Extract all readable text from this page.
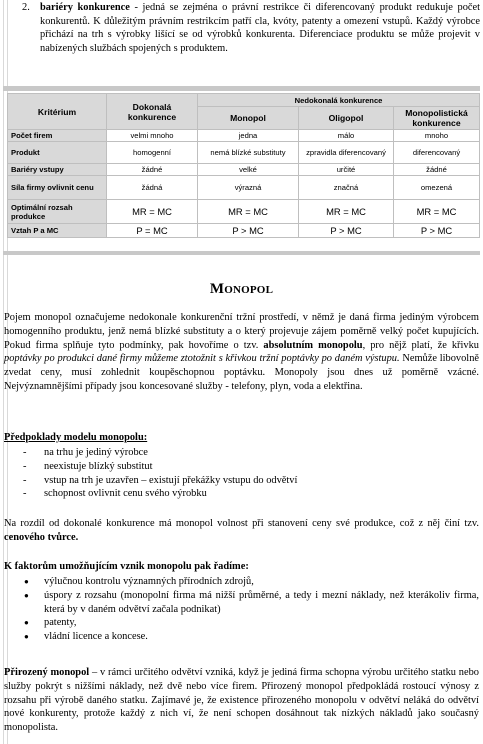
2. bariéry konkurence - jedná se zejména o právní restrikce či diferencovaný produkt redukuje počet konkurentů. K důležitým právním restrikcím patří cla, kvóty, patenty a omezení vstupů. Každý výrobce přichází na trh s výrobky lišící se od výrobků konkurenta. Diferenciace produktu se může projevit v nabízených službách spojených s produktem.
Kritérium	Dokonalá konkurence	Nedokonalá konkurence		
		Monopol	Oligopol	Monopolistická konkurence
Počet firem	velmi mnoho	jedna	málo	mnoho
Produkt	homogenní	nemá blízké substituty	zpravidla diferencovaný	diferencovaný
Bariéry vstupy	žádné	velké	určité	žádné
Síla firmy ovlivnit cenu	žádná	výrazná	značná	omezená
Optimální rozsah produkce	MR = MC	MR = MC	MR = MC	MR = MC
Vztah P a MC	P = MC	P > MC	P > MC	P > MC
Monopol
Pojem monopol označujeme nedokonale konkurenční tržní prostředí, v němž je daná firma jediným výrobcem homogenního produktu, jenž nemá blízké substituty a o který projevuje zájem poměrně velký počet kupujících. Pokud firma splňuje tyto podmínky, pak hovoříme o tzv. absolutním monopolu, pro nějž platí, že křivku poptávky po produkci dané firmy můžeme ztotožnit s křivkou tržní poptávky po daném výstupu. Nemůže libovolně zvedat ceny, musí zohlednit koupěschopnou poptávku. Monopoly jsou dnes už poměrně vzácné. Nejvýznamnějšími případy jsou koncesované služby - telefony, plyn, voda a elektřina.
Předpoklady modelu monopolu:
- na trhu je jediný výrobce
- neexistuje blízký substitut
- vstup na trh je uzavřen – existují překážky vstupu do odvětví
- schopnost ovlivnit cenu svého výrobku
Na rozdíl od dokonalé konkurence má monopol volnost při stanovení ceny své produkce, což z něj činí tzv. cenového tvůrce.
K faktorům umožňujícím vznik monopolu pak řadíme:
● výlučnou kontrolu významných přírodních zdrojů,
● úspory z rozsahu (monopolní firma má nižší průměrné, a tedy i mezní náklady, než kterákoliv firma, která by v daném odvětví začala podnikat)
● patenty,
● vládní licence a koncese.
Přirozený monopol – v rámci určitého odvětví vzniká, když je jediná firma schopna výrobu určitého statku nebo služby pokrýt s nižšími náklady, než dvě nebo více firem. Přirozený monopol předpokládá rostoucí výnosy z rozsahu při výrobě daného statku. Zajímavé je, že existence přirozeného monopolu v odvětví neláká do odvětví nové konkurenty, protože každý z nich ví, že není schopen dosáhnout tak nízkých nákladů jako současný monopolista.
